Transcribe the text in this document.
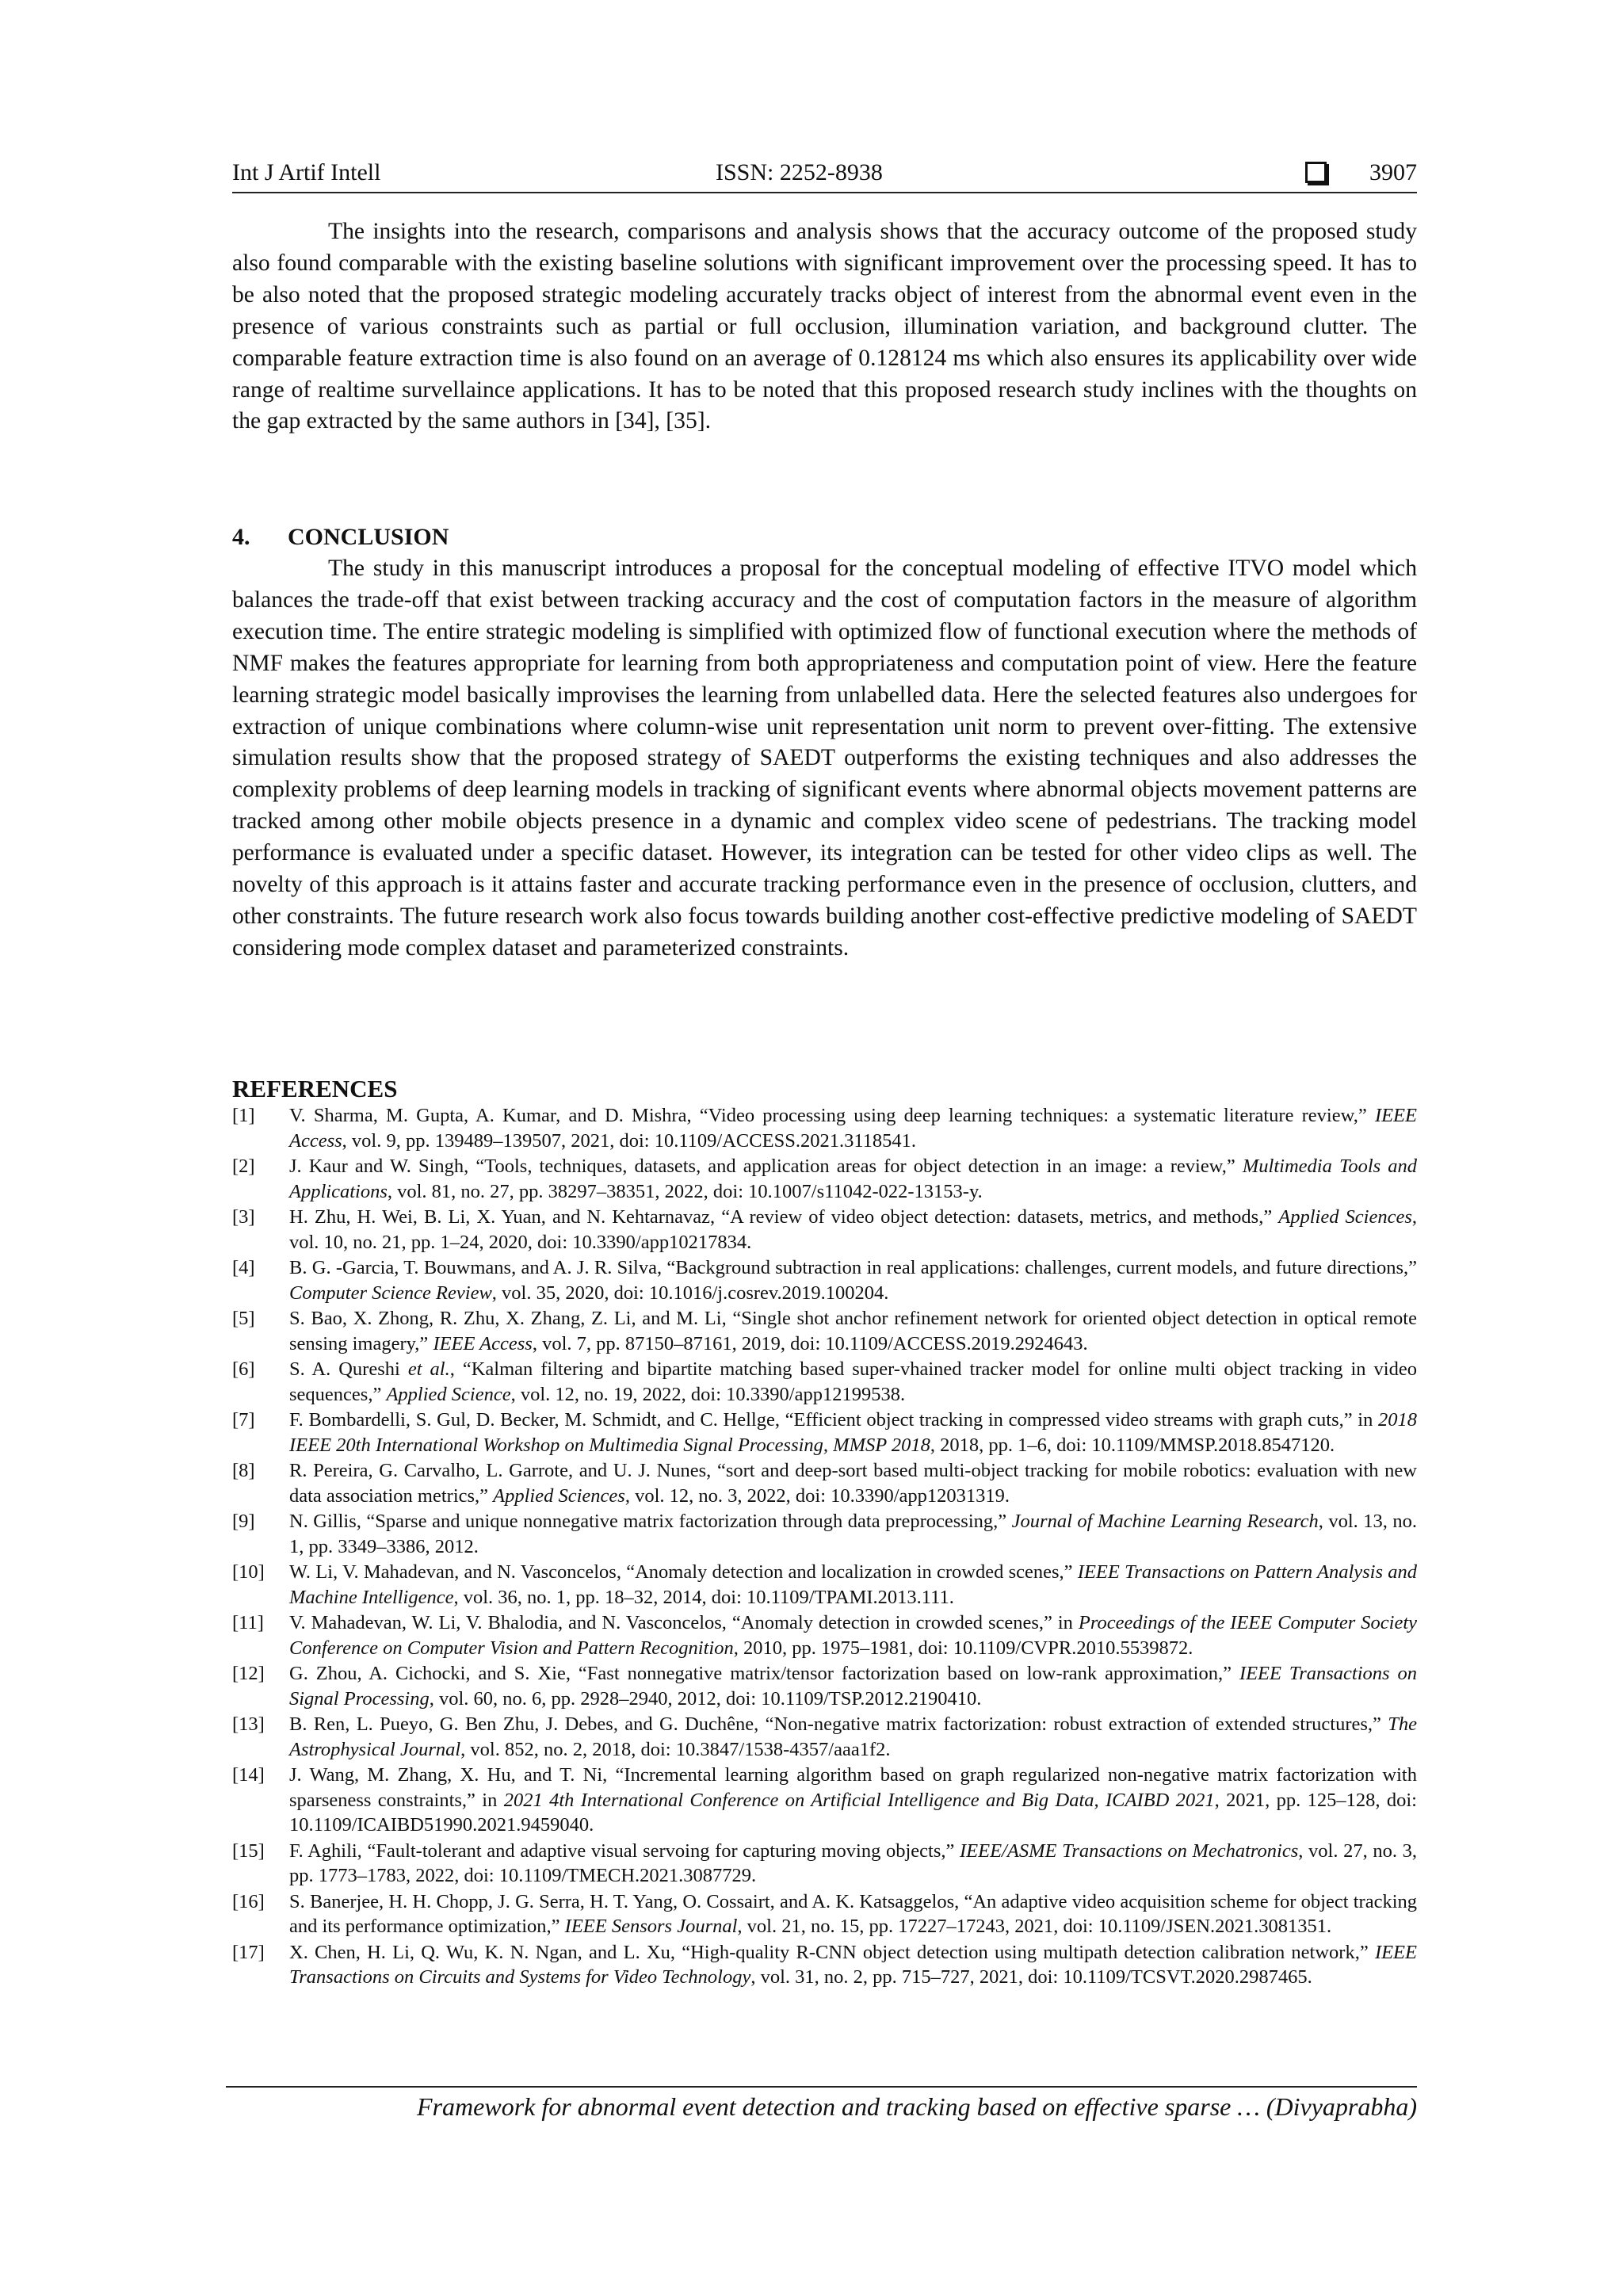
Int J Artif Intell	ISSN: 2252-8938	3907

The insights into the research, comparisons and analysis shows that the accuracy outcome of the proposed study also found comparable with the existing baseline solutions with significant improvement over the processing speed. It has to be also noted that the proposed strategic modeling accurately tracks object of interest from the abnormal event even in the presence of various constraints such as partial or full occlusion, illumination variation, and background clutter. The comparable feature extraction time is also found on an average of 0.128124 ms which also ensures its applicability over wide range of realtime survellaince applications. It has to be noted that this proposed research study inclines with the thoughts on the gap extracted by the same authors in [34], [35].

4. CONCLUSION

The study in this manuscript introduces a proposal for the conceptual modeling of effective ITVO model which balances the trade-off that exist between tracking accuracy and the cost of computation factors in the measure of algorithm execution time. The entire strategic modeling is simplified with optimized flow of functional execution where the methods of NMF makes the features appropriate for learning from both appropriateness and computation point of view. Here the feature learning strategic model basically improvises the learning from unlabelled data. Here the selected features also undergoes for extraction of unique combinations where column-wise unit representation unit norm to prevent over-fitting. The extensive simulation results show that the proposed strategy of SAEDT outperforms the existing techniques and also addresses the complexity problems of deep learning models in tracking of significant events where abnormal objects movement patterns are tracked among other mobile objects presence in a dynamic and complex video scene of pedestrians. The tracking model performance is evaluated under a specific dataset. However, its integration can be tested for other video clips as well. The novelty of this approach is it attains faster and accurate tracking performance even in the presence of occlusion, clutters, and other constraints. The future research work also focus towards building another cost-effective predictive modeling of SAEDT considering mode complex dataset and parameterized constraints.

REFERENCES
[1]	V. Sharma, M. Gupta, A. Kumar, and D. Mishra, “Video processing using deep learning techniques: a systematic literature review,” IEEE Access, vol. 9, pp. 139489–139507, 2021, doi: 10.1109/ACCESS.2021.3118541.
[2]	J. Kaur and W. Singh, “Tools, techniques, datasets, and application areas for object detection in an image: a review,” Multimedia Tools and Applications, vol. 81, no. 27, pp. 38297–38351, 2022, doi: 10.1007/s11042-022-13153-y.
[3]	H. Zhu, H. Wei, B. Li, X. Yuan, and N. Kehtarnavaz, “A review of video object detection: datasets, metrics, and methods,” Applied Sciences, vol. 10, no. 21, pp. 1–24, 2020, doi: 10.3390/app10217834.
[4]	B. G. -Garcia, T. Bouwmans, and A. J. R. Silva, “Background subtraction in real applications: challenges, current models, and future directions,” Computer Science Review, vol. 35, 2020, doi: 10.1016/j.cosrev.2019.100204.
[5]	S. Bao, X. Zhong, R. Zhu, X. Zhang, Z. Li, and M. Li, “Single shot anchor refinement network for oriented object detection in optical remote sensing imagery,” IEEE Access, vol. 7, pp. 87150–87161, 2019, doi: 10.1109/ACCESS.2019.2924643.
[6]	S. A. Qureshi et al., “Kalman filtering and bipartite matching based super-vhained tracker model for online multi object tracking in video sequences,” Applied Science, vol. 12, no. 19, 2022, doi: 10.3390/app12199538.
[7]	F. Bombardelli, S. Gul, D. Becker, M. Schmidt, and C. Hellge, “Efficient object tracking in compressed video streams with graph cuts,” in 2018 IEEE 20th International Workshop on Multimedia Signal Processing, MMSP 2018, 2018, pp. 1–6, doi: 10.1109/MMSP.2018.8547120.
[8]	R. Pereira, G. Carvalho, L. Garrote, and U. J. Nunes, “sort and deep-sort based multi-object tracking for mobile robotics: evaluation with new data association metrics,” Applied Sciences, vol. 12, no. 3, 2022, doi: 10.3390/app12031319.
[9]	N. Gillis, “Sparse and unique nonnegative matrix factorization through data preprocessing,” Journal of Machine Learning Research, vol. 13, no. 1, pp. 3349–3386, 2012.
[10]	W. Li, V. Mahadevan, and N. Vasconcelos, “Anomaly detection and localization in crowded scenes,” IEEE Transactions on Pattern Analysis and Machine Intelligence, vol. 36, no. 1, pp. 18–32, 2014, doi: 10.1109/TPAMI.2013.111.
[11]	V. Mahadevan, W. Li, V. Bhalodia, and N. Vasconcelos, “Anomaly detection in crowded scenes,” in Proceedings of the IEEE Computer Society Conference on Computer Vision and Pattern Recognition, 2010, pp. 1975–1981, doi: 10.1109/CVPR.2010.5539872.
[12]	G. Zhou, A. Cichocki, and S. Xie, “Fast nonnegative matrix/tensor factorization based on low-rank approximation,” IEEE Transactions on Signal Processing, vol. 60, no. 6, pp. 2928–2940, 2012, doi: 10.1109/TSP.2012.2190410.
[13]	B. Ren, L. Pueyo, G. Ben Zhu, J. Debes, and G. Duchêne, “Non-negative matrix factorization: robust extraction of extended structures,” The Astrophysical Journal, vol. 852, no. 2, 2018, doi: 10.3847/1538-4357/aaa1f2.
[14]	J. Wang, M. Zhang, X. Hu, and T. Ni, “Incremental learning algorithm based on graph regularized non-negative matrix factorization with sparseness constraints,” in 2021 4th International Conference on Artificial Intelligence and Big Data, ICAIBD 2021, 2021, pp. 125–128, doi: 10.1109/ICAIBD51990.2021.9459040.
[15]	F. Aghili, “Fault-tolerant and adaptive visual servoing for capturing moving objects,” IEEE/ASME Transactions on Mechatronics, vol. 27, no. 3, pp. 1773–1783, 2022, doi: 10.1109/TMECH.2021.3087729.
[16]	S. Banerjee, H. H. Chopp, J. G. Serra, H. T. Yang, O. Cossairt, and A. K. Katsaggelos, “An adaptive video acquisition scheme for object tracking and its performance optimization,” IEEE Sensors Journal, vol. 21, no. 15, pp. 17227–17243, 2021, doi: 10.1109/JSEN.2021.3081351.
[17]	X. Chen, H. Li, Q. Wu, K. N. Ngan, and L. Xu, “High-quality R-CNN object detection using multipath detection calibration network,” IEEE Transactions on Circuits and Systems for Video Technology, vol. 31, no. 2, pp. 715–727, 2021, doi: 10.1109/TCSVT.2020.2987465.
Framework for abnormal event detection and tracking based on effective sparse … (Divyaprabha)
